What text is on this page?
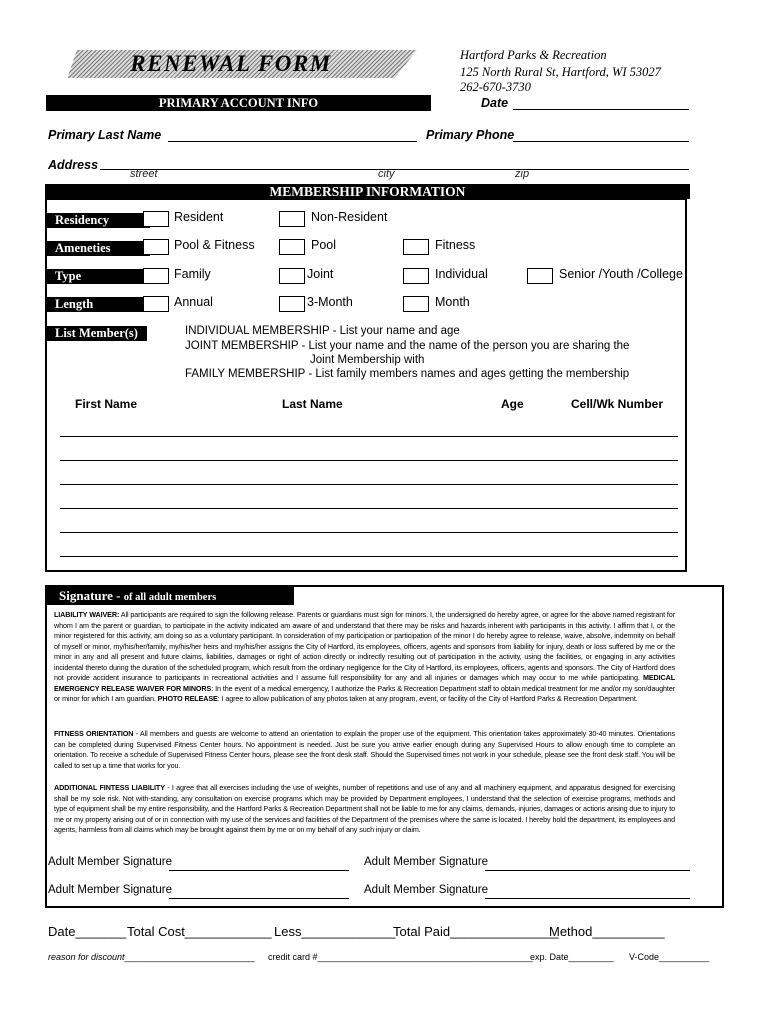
RENEWAL FORM	Hartford Parks & Recreation
125 North Rural St, Hartford, WI 53027
262-670-3730
Date
PRIMARY ACCOUNT INFO
Primary Last Name	Primary Phone
Address
street	city	zip
MEMBERSHIP INFORMATION
Residency	Resident	Non-Resident
Ameneties	Pool & Fitness	Pool	Fitness
Type	Family	Joint	Individual	Senior /Youth /College
Length	Annual	3-Month	Month
List Member(s)	INDIVIDUAL MEMBERSHIP - List your name and age
JOINT MEMBERSHIP - List your name and the name of the person you are sharing the
Joint Membership with
FAMILY MEMBERSHIP - List family members names and ages getting the membership
First Name	Last Name	Age	Cell/Wk Number
Signature - of all adult members
LIABILITY WAIVER: All participants are required to sign the following release. Parents or guardians must sign for minors. I, the undersigned do hereby agree, or agree for the above named registrant for whom I am the parent or guardian, to participate in the activity indicated am aware of and understand that there may be risks and hazards inherent with participants in this activity. I affirm that I, or the minor registered for this activity, am doing so as a voluntary participant. In consideration of my participation or participation of the minor I do hereby agree to release, waive, absolve, indemnity on behalf of myself or minor, my/his/her/family, my/his/her heirs and my/his/her assigns the City of Hartford, its employees, officers, agents and sponsors from liability for injury, death or loss suffered by me or the minor in any and all present and future claims, liabilities, damages or right of action directly or indirectly resulting out of participation in the activity, using the facilities, or engaging in any activities incidental thereto during the duration of the scheduled program, which result from the ordinary negligence for the City of Hartford, its employees, officers, agents and sponsors. The City of Hartford does not provide accident insurance to participants in recreational activities and I assume full responsibility for any and all injuries or damages which may occur to me while participating. MEDICAL EMERGENCY RELEASE WAIVER FOR MINORS: In the event of a medical emergency, I authorize the Parks & Recreation Department staff to obtain medical treatment for me and/or my son/daughter or minor for which I am guardian. PHOTO RELEASE: I agree to allow publication of any photos taken at any program, event, or facility of the City of Hartford Parks & Recreation Department.
FITNESS ORIENTATION - All members and guests are welcome to attend an orientation to explain the proper use of the equipment. This orientation takes approximately 30-40 minutes. Orientations can be completed during Supervised Fitness Center hours. No appointment is needed. Just be sure you arrive earlier enough during any Supervised Hours to allow enough time to complete an orientation. To receive a schedule of Supervised Fitness Center hours, please see the front desk staff. Should the Supervised times not work in your schedule, please see the front desk staff. You will be called to set up a time that works for you.
ADDITIONAL FINTESS LIABILITY - I agree that all exercises including the use of weights, number of repetitions and use of any and all machinery equipment, and apparatus designed for exercising shall be my sole risk. Not with-standing, any consultation on exercise programs which may be provided by Department employees, I understand that the selection of exercise programs, methods and type of equipment shall be my entire responsibility, and the Hartford Parks & Recreation Department shall not be liable to me for any claims, demands, injuries, damages or actions arising due to injury to me or my property arising out of or in connection with my use of the services and facilities of the Department of the premises where the same is located. I hereby hold the department, its employees and agents, harmless from all claims which may be brought against them by me or on my behalf of any such injury or claim.
Adult Member Signature	Adult Member Signature
Adult Member Signature	Adult Member Signature
Date_______ Total Cost____________ Less_____________
Total Paid_______________
Method__________
reason for discount__________________________ credit card #___________________________________________
exp. Date_________ V-Code__________
